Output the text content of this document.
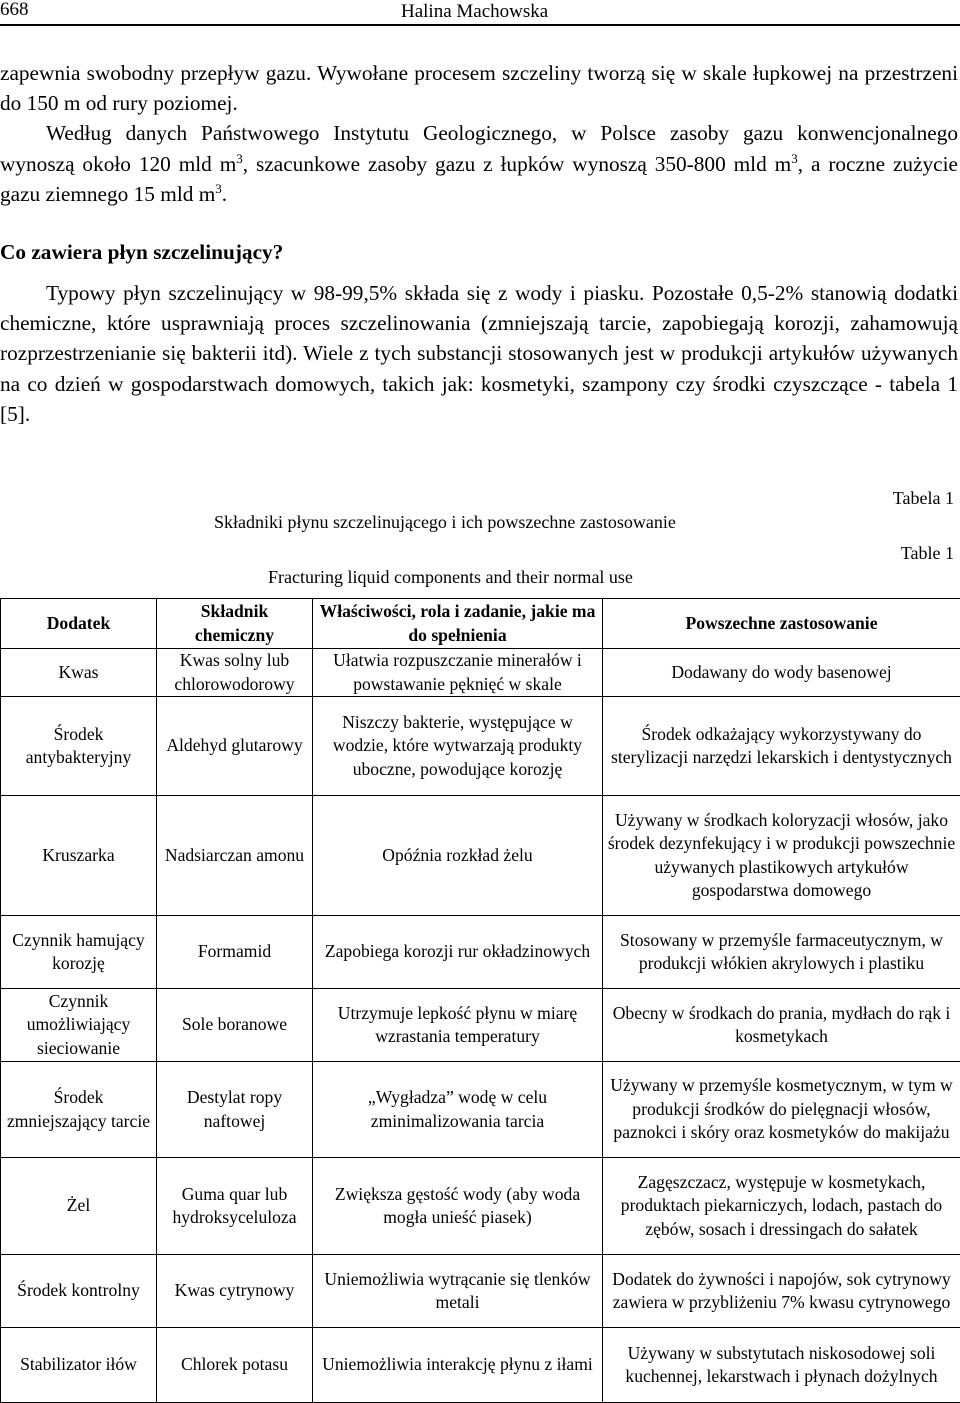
668	Halina Machowska

zapewnia swobodny przepływ gazu. Wywołane procesem szczeliny tworzą się w skale łupkowej na przestrzeni do 150 m od rury poziomej.

Według danych Państwowego Instytutu Geologicznego, w Polsce zasoby gazu konwencjonalnego wynoszą około 120 mld $m^3$, szacunkowe zasoby gazu z łupków wynoszą 350-800 mld $m^3$, a roczne zużycie gazu ziemnego 15 mld $m^3$.

Co zawiera płyn szczelinujący?

Typowy płyn szczelinujący w 98-99,5% składa się z wody i piasku. Pozostałe 0,5-2% stanowią dodatki chemiczne, które usprawniają proces szczelinowania (zmniejszają tarcie, zapobiegają korozji, zahamowują rozprzestrzenianie się bakterii itd). Wiele z tych substancji stosowanych jest w produkcji artykułów używanych na co dzień w gospodarstwach domowych, takich jak: kosmetyki, szampony czy środki czyszczące - tabela 1 [5].

Tabela 1
Składniki płynu szczelinującego i ich powszechne zastosowanie
Table 1
Fracturing liquid components and their normal use
Dodatek	Składnik chemiczny	Właściwości, rola i zadanie, jakie ma do spełnienia	Powszechne zastosowanie
Kwas	Kwas solny lub chlorowodorowy	Ułatwia rozpuszczanie minerałów i powstawanie pęknięć w skale	Dodawany do wody basenowej
Środek antybakteryjny	Aldehyd glutarowy	Niszczy bakterie, występujące w wodzie, które wytwarzają produkty uboczne, powodujące korozję	Środek odkażający wykorzystywany do sterylizacji narzędzi lekarskich i dentystycznych
Kruszarka	Nadsiarczan amonu	Opóźnia rozkład żelu	Używany w środkach koloryzacji włosów, jako środek dezynfekujący i w produkcji powszechnie używanych plastikowych artykułów gospodarstwa domowego
Czynnik hamujący korozję	Formamid	Zapobiega korozji rur okładzinowych	Stosowany w przemyśle farmaceutycznym, w produkcji włókien akrylowych i plastiku
Czynnik umożliwiający sieciowanie	Sole boranowe	Utrzymuje lepkość płynu w miarę wzrastania temperatury	Obecny w środkach do prania, mydłach do rąk i kosmetykach
Środek zmniejszający tarcie	Destylat ropy naftowej	„Wygładza” wodę w celu zminimalizowania tarcia	Używany w przemyśle kosmetycznym, w tym w produkcji środków do pielęgnacji włosów, paznokci i skóry oraz kosmetyków do makijażu
Żel	Guma quar lub hydroksyceluloza	Zwiększa gęstość wody (aby woda mogła unieść piasek)	Zagęszczacz, występuje w kosmetykach, produktach piekarniczych, lodach, pastach do zębów, sosach i dressingach do sałatek
Środek kontrolny	Kwas cytrynowy	Uniemożliwia wytrącanie się tlenków metali	Dodatek do żywności i napojów, sok cytrynowy zawiera w przybliżeniu 7% kwasu cytrynowego
Stabilizator iłów	Chlorek potasu	Uniemożliwia interakcję płynu z iłami	Używany w substytutach niskosodowej soli kuchennej, lekarstwach i płynach dożylnych
